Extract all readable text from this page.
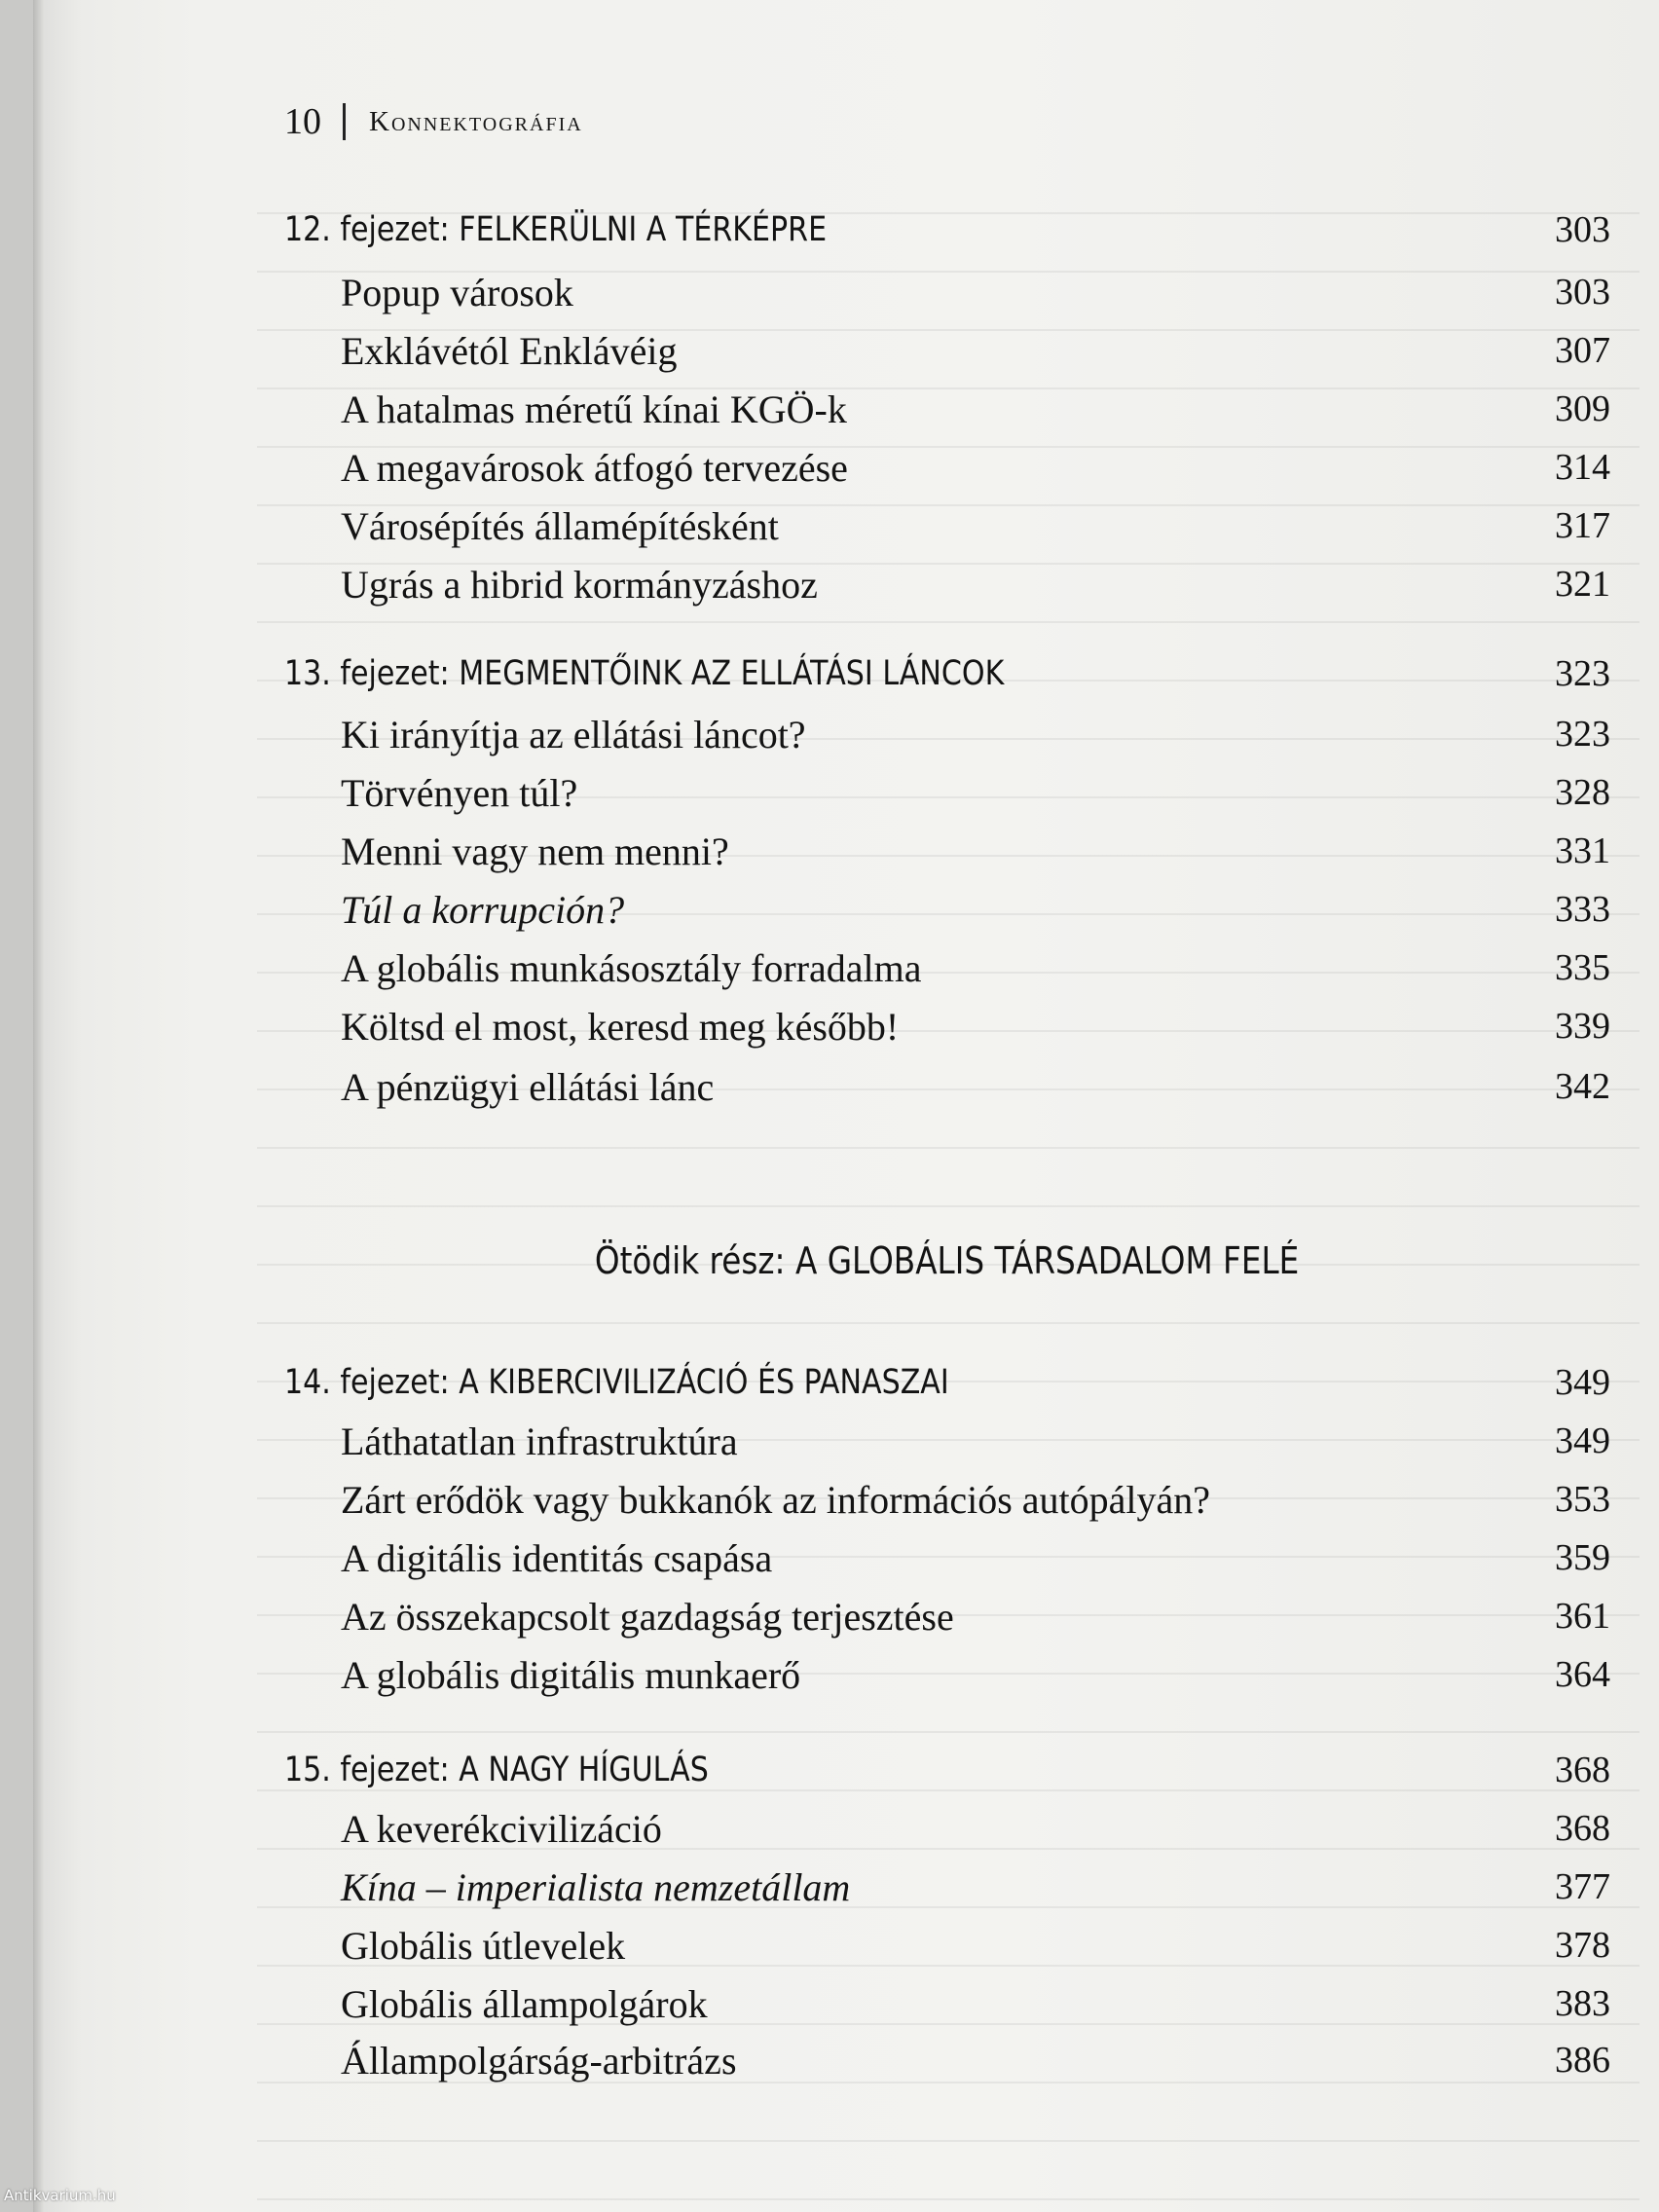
10 Konnektográfia
12. fejezet: FELKERÜLNI A TÉRKÉPRE	303
Popup városok	303
Exklávétól Enklávéig	307
A hatalmas méretű kínai KGÖ-k	309
A megavárosok átfogó tervezése	314
Városépítés államépítésként	317
Ugrás a hibrid kormányzáshoz	321
13. fejezet: MEGMENTŐINK AZ ELLÁTÁSI LÁNCOK	323
Ki irányítja az ellátási láncot?	323
Törvényen túl?	328
Menni vagy nem menni?	331
Túl a korrupción?	333
A globális munkásosztály forradalma	335
Költsd el most, keresd meg később!	339
A pénzügyi ellátási lánc	342
Ötödik rész: A GLOBÁLIS TÁRSADALOM FELÉ
14. fejezet: A KIBERCIVILIZÁCIÓ ÉS PANASZAI	349
Láthatatlan infrastruktúra	349
Zárt erődök vagy bukkanók az információs autópályán?	353
A digitális identitás csapása	359
Az összekapcsolt gazdagság terjesztése	361
A globális digitális munkaerő	364
15. fejezet: A NAGY HÍGULÁS	368
A keverékcivilizáció	368
Kína – imperialista nemzetállam	377
Globális útlevelek	378
Globális állampolgárok	383
Állampolgárság-arbitrázs	386
Antikvarium.hu
